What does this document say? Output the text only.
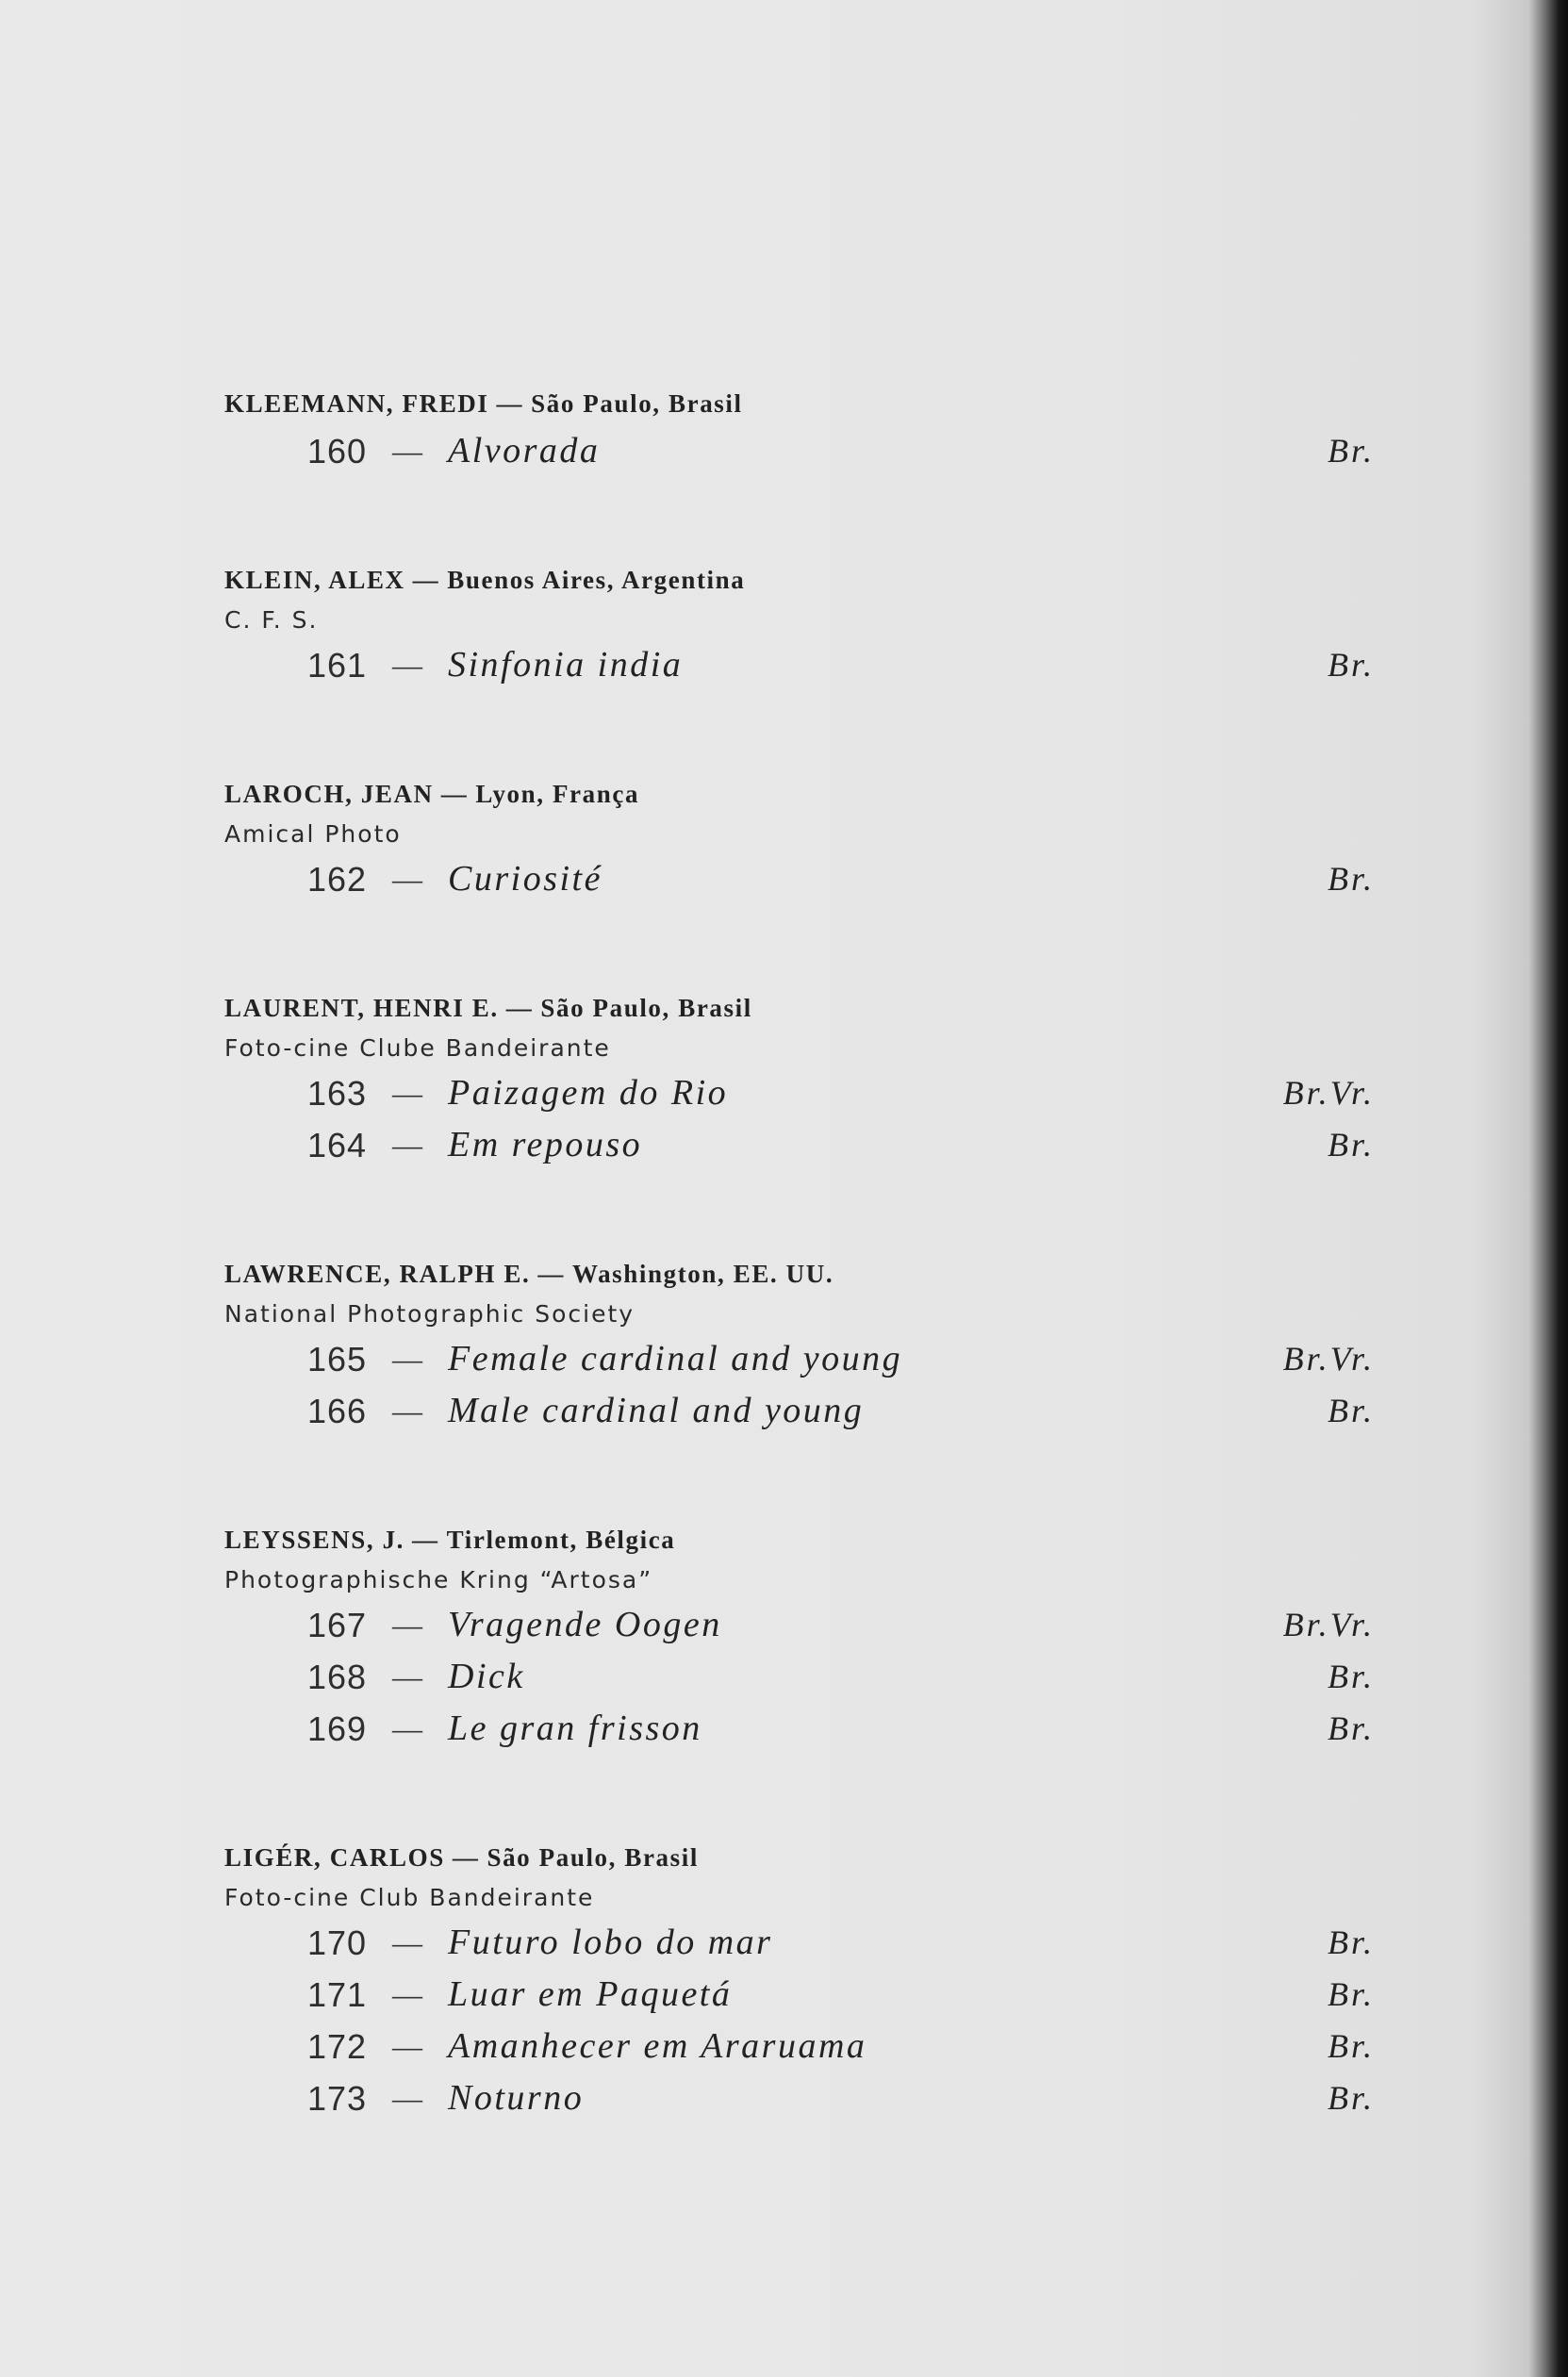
KLEEMANN, FREDI — São Paulo, Brasil
160 — Alvorada	Br.
KLEIN, ALEX — Buenos Aires, Argentina
C. F. S.
161 — Sinfonia india	Br.
LAROCH, JEAN — Lyon, França
Amical Photo
162 — Curiosité	Br.
LAURENT, HENRI E. — São Paulo, Brasil
Foto-cine Clube Bandeirante
163 — Paizagem do Rio	Br.Vr.
164 — Em repouso	Br.
LAWRENCE, RALPH E. — Washington, EE. UU.
National Photographic Society
165 — Female cardinal and young	Br.Vr.
166 — Male cardinal and young	Br.
LEYSSENS, J. — Tirlemont, Bélgica
Photographische Kring “Artosa”
167 — Vragende Oogen	Br.Vr.
168 — Dick	Br.
169 — Le gran frisson	Br.
LIGÉR, CARLOS — São Paulo, Brasil
Foto-cine Club Bandeirante
170 — Futuro lobo do mar	Br.
171 — Luar em Paquetá	Br.
172 — Amanhecer em Araruama	Br.
173 — Noturno	Br.
